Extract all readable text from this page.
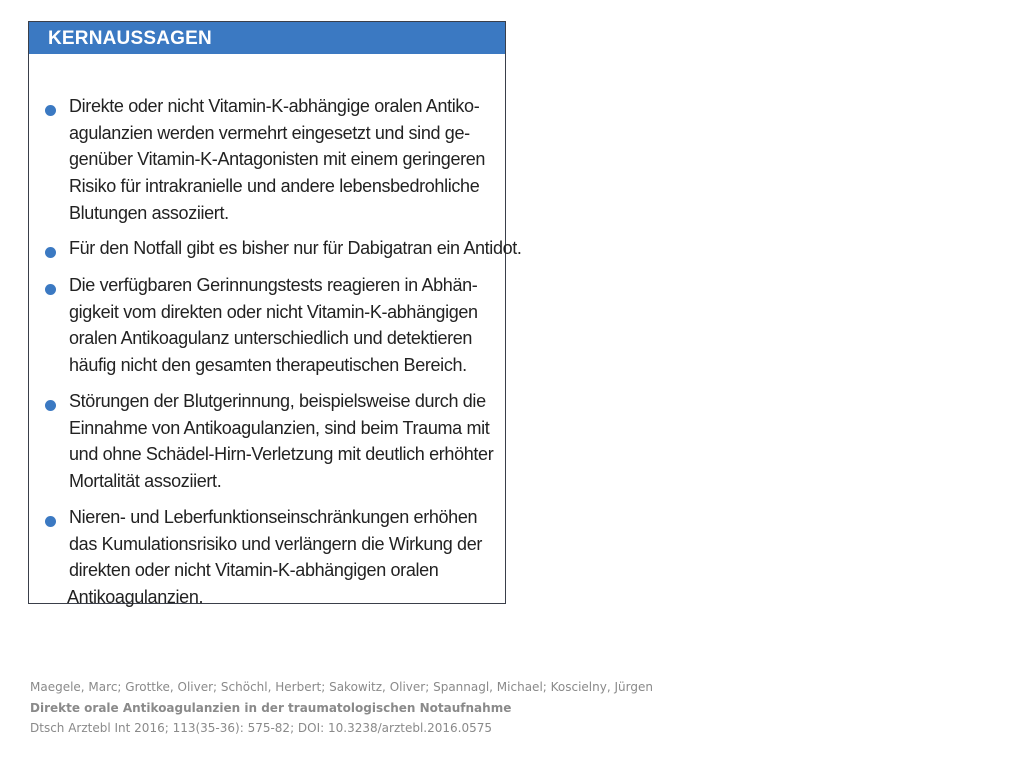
KERNAUSSAGEN
Direkte oder nicht Vitamin-K-abhängige oralen Antiko-
agulanzien werden vermehrt eingesetzt und sind ge-
genüber Vitamin-K-Antagonisten mit einem geringeren
Risiko für intrakranielle und andere lebensbedrohliche
Blutungen assoziiert.
Für den Notfall gibt es bisher nur für Dabigatran ein Antidot.
Die verfügbaren Gerinnungstests reagieren in Abhän-
gigkeit vom direkten oder nicht Vitamin-K-abhängigen
oralen Antikoagulanz unterschiedlich und detektieren
häufig nicht den gesamten therapeutischen Bereich.
Störungen der Blutgerinnung, beispielsweise durch die
Einnahme von Antikoagulanzien, sind beim Trauma mit
und ohne Schädel-Hirn-Verletzung mit deutlich erhöhter
Mortalität assoziiert.
Nieren- und Leberfunktionseinschränkungen erhöhen
das Kumulationsrisiko und verlängern die Wirkung der
direkten oder nicht Vitamin-K-abhängigen oralen
Antikoagulanzien.
Maegele, Marc; Grottke, Oliver; Schöchl, Herbert; Sakowitz, Oliver; Spannagl, Michael; Koscielny, Jürgen
Direkte orale Antikoagulanzien in der traumatologischen Notaufnahme
Dtsch Arztebl Int 2016; 113(35-36): 575-82; DOI: 10.3238/arztebl.2016.0575
